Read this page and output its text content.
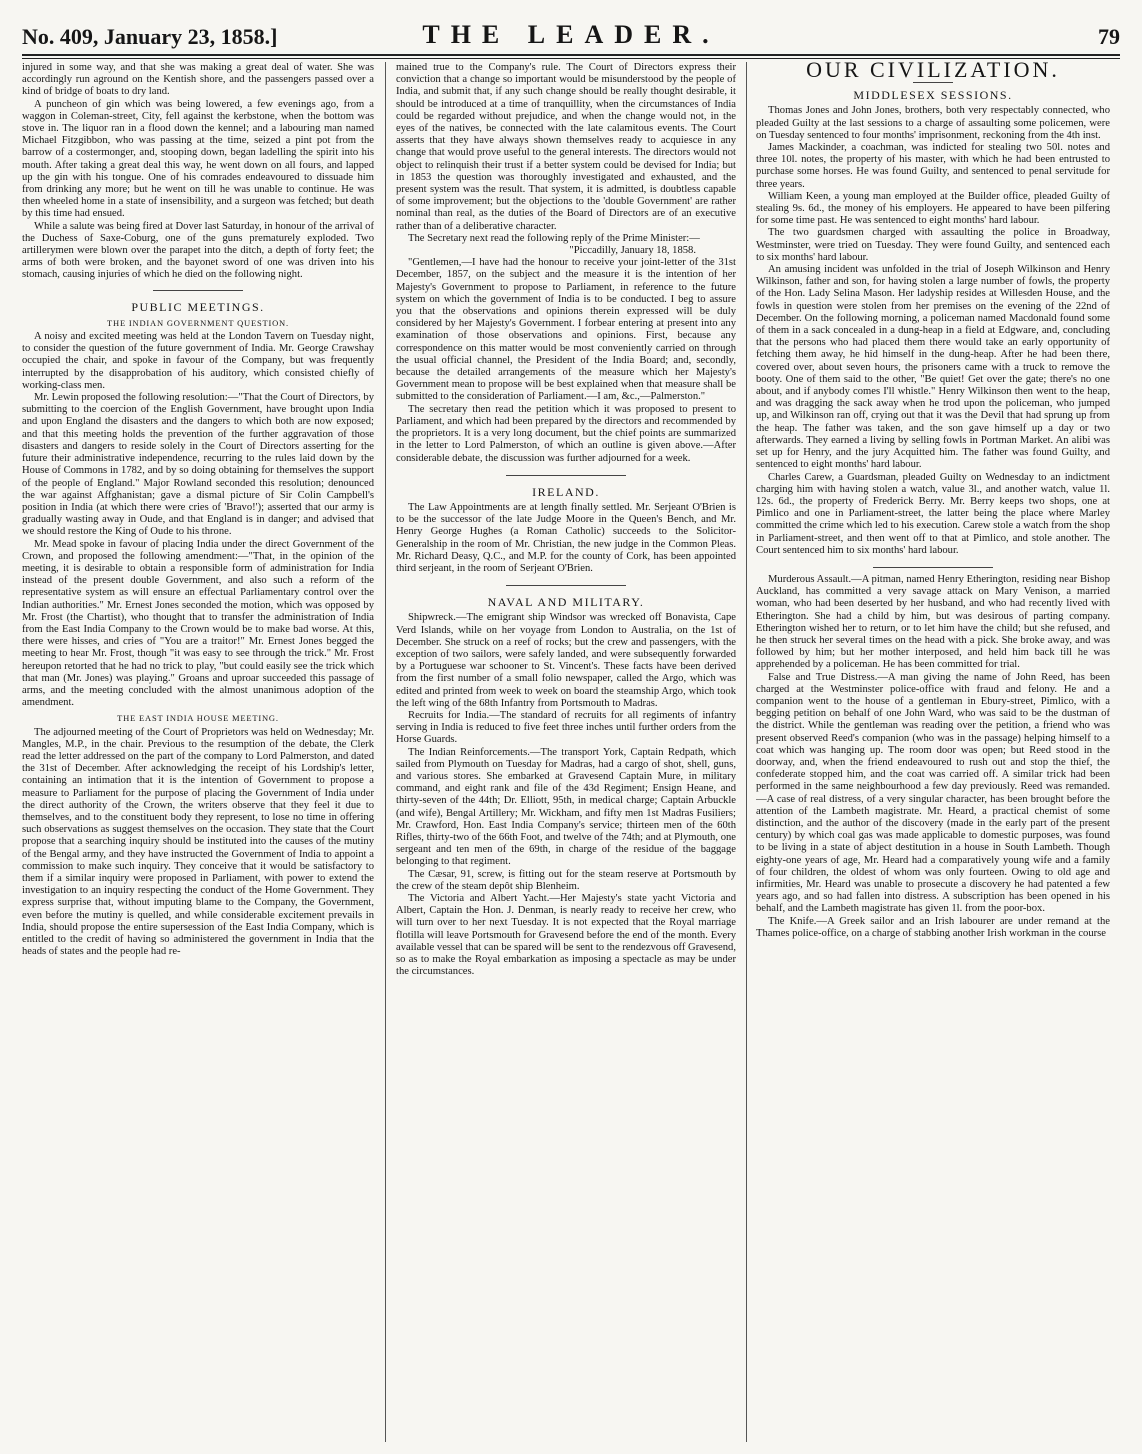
No. 409, January 23, 1858.]	THE LEADER.	79

injured in some way, and that she was making a great deal of water. She was accordingly run aground on the Kentish shore, and the passengers passed over a kind of bridge of boats to dry land.

A puncheon of gin which was being lowered, a few evenings ago, from a waggon in Coleman-street, City, fell against the kerbstone, when the bottom was stove in. The liquor ran in a flood down the kennel; and a labouring man named Michael Fitzgibbon, who was passing at the time, seized a pint pot from the barrow of a costermonger, and, stooping down, began ladelling the spirit into his mouth. After taking a great deal this way, he went down on all fours, and lapped up the gin with his tongue. One of his comrades endeavoured to dissuade him from drinking any more; but he went on till he was unable to continue. He was then wheeled home in a state of insensibility, and a surgeon was fetched; but death by this time had ensued.

While a salute was being fired at Dover last Saturday, in honour of the arrival of the Duchess of Saxe-Coburg, one of the guns prematurely exploded. Two artillerymen were blown over the parapet into the ditch, a depth of forty feet; the arms of both were broken, and the bayonet sword of one was driven into his stomach, causing injuries of which he died on the following night.

PUBLIC MEETINGS.
THE INDIAN GOVERNMENT QUESTION.

A noisy and excited meeting was held at the London Tavern on Tuesday night, to consider the question of the future government of India. Mr. George Crawshay occupied the chair, and spoke in favour of the Company, but was frequently interrupted by the disapprobation of his auditory, which consisted chiefly of working-class men.

Mr. Lewin proposed the following resolution:—"That the Court of Directors, by submitting to the coercion of the English Government, have brought upon India and upon England the disasters and the dangers to which both are now exposed; and that this meeting holds the prevention of the further aggravation of those disasters and dangers to reside solely in the Court of Directors asserting for the future their administrative independence, recurring to the rules laid down by the House of Commons in 1782, and by so doing obtaining for themselves the support of the people of England." Major Rowland seconded this resolution; denounced the war against Affghanistan; gave a dismal picture of Sir Colin Campbell's position in India (at which there were cries of 'Bravo!'); asserted that our army is gradually wasting away in Oude, and that England is in danger; and advised that we should restore the King of Oude to his throne.

Mr. Mead spoke in favour of placing India under the direct Government of the Crown, and proposed the following amendment:—"That, in the opinion of the meeting, it is desirable to obtain a responsible form of administration for India instead of the present double Government, and also such a reform of the representative system as will ensure an effectual Parliamentary control over the Indian authorities." Mr. Ernest Jones seconded the motion, which was opposed by Mr. Frost (the Chartist), who thought that to transfer the administration of India from the East India Company to the Crown would be to make bad worse. At this, there were hisses, and cries of "You are a traitor!" Mr. Ernest Jones begged the meeting to hear Mr. Frost, though "it was easy to see through the trick." Mr. Frost hereupon retorted that he had no trick to play, "but could easily see the trick which that man (Mr. Jones) was playing." Groans and uproar succeeded this passage of arms, and the meeting concluded with the almost unanimous adoption of the amendment.

THE EAST INDIA HOUSE MEETING.

The adjourned meeting of the Court of Proprietors was held on Wednesday; Mr. Mangles, M.P., in the chair. Previous to the resumption of the debate, the Clerk read the letter addressed on the part of the company to Lord Palmerston, and dated the 31st of December. After acknowledging the receipt of his Lordship's letter, containing an intimation that it is the intention of Government to propose a measure to Parliament for the purpose of placing the Government of India under the direct authority of the Crown, the writers observe that they feel it due to themselves, and to the constituent body they represent, to lose no time in offering such observations as suggest themselves on the occasion. They state that the Court propose that a searching inquiry should be instituted into the causes of the mutiny of the Bengal army, and they have instructed the Government of India to appoint a commission to make such inquiry. They conceive that it would be satisfactory to them if a similar inquiry were proposed in Parliament, with power to extend the investigation to an inquiry respecting the conduct of the Home Government. They express surprise that, without imputing blame to the Company, the Government, even before the mutiny is quelled, and while considerable excitement prevails in India, should propose the entire supersession of the East India Company, which is entitled to the credit of having so administered the government in India that the heads of states and the people had re-

mained true to the Company's rule. The Court of Directors express their conviction that a change so important would be misunderstood by the people of India, and submit that, if any such change should be really thought desirable, it should be introduced at a time of tranquillity, when the circumstances of India could be regarded without prejudice, and when the change would not, in the eyes of the natives, be connected with the late calamitous events. The Court asserts that they have always shown themselves ready to acquiesce in any change that would prove useful to the general interests. The directors would not object to relinquish their trust if a better system could be devised for India; but in 1853 the question was thoroughly investigated and exhausted, and the present system was the result. That system, it is admitted, is doubtless capable of some improvement; but the objections to the 'double Government' are rather nominal than real, as the duties of the Board of Directors are of an executive rather than of a deliberative character.

The Secretary next read the following reply of the Prime Minister:—

"Piccadilly, January 18, 1858.

"Gentlemen,—I have had the honour to receive your joint-letter of the 31st December, 1857, on the subject and the measure it is the intention of her Majesty's Government to propose to Parliament, in reference to the future system on which the government of India is to be conducted. I beg to assure you that the observations and opinions therein expressed will be duly considered by her Majesty's Government. I forbear entering at present into any examination of those observations and opinions. First, because any correspondence on this matter would be most conveniently carried on through the usual official channel, the President of the India Board; and, secondly, because the detailed arrangements of the measure which her Majesty's Government mean to propose will be best explained when that measure shall be submitted to the consideration of Parliament.—I am, &c.,—Palmerston."

The secretary then read the petition which it was proposed to present to Parliament, and which had been prepared by the directors and recommended by the proprietors. It is a very long document, but the chief points are summarized in the letter to Lord Palmerston, of which an outline is given above.—After considerable debate, the discussion was further adjourned for a week.

IRELAND.

The Law Appointments are at length finally settled. Mr. Serjeant O'Brien is to be the successor of the late Judge Moore in the Queen's Bench, and Mr. Henry George Hughes (a Roman Catholic) succeeds to the Solicitor-Generalship in the room of Mr. Christian, the new judge in the Common Pleas. Mr. Richard Deasy, Q.C., and M.P. for the county of Cork, has been appointed third serjeant, in the room of Serjeant O'Brien.

NAVAL AND MILITARY.

Shipwreck.—The emigrant ship Windsor was wrecked off Bonavista, Cape Verd Islands, while on her voyage from London to Australia, on the 1st of December. She struck on a reef of rocks; but the crew and passengers, with the exception of two sailors, were safely landed, and were subsequently forwarded by a Portuguese war schooner to St. Vincent's. These facts have been derived from the first number of a small folio newspaper, called the Argo, which was edited and printed from week to week on board the steamship Argo, which took the left wing of the 68th Infantry from Portsmouth to Madras.

Recruits for India.—The standard of recruits for all regiments of infantry serving in India is reduced to five feet three inches until further orders from the Horse Guards.

The Indian Reinforcements.—The transport York, Captain Redpath, which sailed from Plymouth on Tuesday for Madras, had a cargo of shot, shell, guns, and various stores. She embarked at Gravesend Captain Mure, in military command, and eight rank and file of the 43d Regiment; Ensign Heane, and thirty-seven of the 44th; Dr. Elliott, 95th, in medical charge; Captain Arbuckle (and wife), Bengal Artillery; Mr. Wickham, and fifty men 1st Madras Fusiliers; Mr. Crawford, Hon. East India Company's service; thirteen men of the 60th Rifles, thirty-two of the 66th Foot, and twelve of the 74th; and at Plymouth, one sergeant and ten men of the 69th, in charge of the residue of the baggage belonging to that regiment.

The Cæsar, 91, screw, is fitting out for the steam reserve at Portsmouth by the crew of the steam depôt ship Blenheim.

The Victoria and Albert Yacht.—Her Majesty's state yacht Victoria and Albert, Captain the Hon. J. Denman, is nearly ready to receive her crew, who will turn over to her next Tuesday. It is not expected that the Royal marriage flotilla will leave Portsmouth for Gravesend before the end of the month. Every available vessel that can be spared will be sent to the rendezvous off Gravesend, so as to make the Royal embarkation as imposing a spectacle as may be under the circumstances.

OUR CIVILIZATION.
MIDDLESEX SESSIONS.

Thomas Jones and John Jones, brothers, both very respectably connected, who pleaded Guilty at the last sessions to a charge of assaulting some policemen, were on Tuesday sentenced to four months' imprisonment, reckoning from the 4th inst.

James Mackinder, a coachman, was indicted for stealing two 50l. notes and three 10l. notes, the property of his master, with which he had been entrusted to purchase some horses. He was found Guilty, and sentenced to penal servitude for three years.

William Keen, a young man employed at the Builder office, pleaded Guilty of stealing 9s. 6d., the money of his employers. He appeared to have been pilfering for some time past. He was sentenced to eight months' hard labour.

The two guardsmen charged with assaulting the police in Broadway, Westminster, were tried on Tuesday. They were found Guilty, and sentenced each to six months' hard labour.

An amusing incident was unfolded in the trial of Joseph Wilkinson and Henry Wilkinson, father and son, for having stolen a large number of fowls, the property of the Hon. Lady Selina Mason. Her ladyship resides at Willesden House, and the fowls in question were stolen from her premises on the evening of the 22nd of December. On the following morning, a policeman named Macdonald found some of them in a sack concealed in a dung-heap in a field at Edgware, and, concluding that the persons who had placed them there would take an early opportunity of fetching them away, he hid himself in the dung-heap. After he had been there, covered over, about seven hours, the prisoners came with a truck to remove the booty. One of them said to the other, "Be quiet! Get over the gate; there's no one about, and if anybody comes I'll whistle." Henry Wilkinson then went to the heap, and was dragging the sack away when he trod upon the policeman, who jumped up, and Wilkinson ran off, crying out that it was the Devil that had sprung up from the heap. The father was taken, and the son gave himself up a day or two afterwards. They earned a living by selling fowls in Portman Market. An alibi was set up for Henry, and the jury Acquitted him. The father was found Guilty, and sentenced to eight months' hard labour.

Charles Carew, a Guardsman, pleaded Guilty on Wednesday to an indictment charging him with having stolen a watch, value 3l., and another watch, value 1l. 12s. 6d., the property of Frederick Berry. Mr. Berry keeps two shops, one at Pimlico and one in Parliament-street, the latter being the place where Marley committed the crime which led to his execution. Carew stole a watch from the shop in Parliament-street, and then went off to that at Pimlico, and stole another. The Court sentenced him to six months' hard labour.

Murderous Assault.—A pitman, named Henry Etherington, residing near Bishop Auckland, has committed a very savage attack on Mary Venison, a married woman, who had been deserted by her husband, and who had recently lived with Etherington. She had a child by him, but was desirous of parting company. Etherington wished her to return, or to let him have the child; but she refused, and he then struck her several times on the head with a pick. She broke away, and was followed by him; but her mother interposed, and held him back till he was apprehended by a policeman. He has been committed for trial.

False and True Distress.—A man giving the name of John Reed, has been charged at the Westminster police-office with fraud and felony. He and a companion went to the house of a gentleman in Ebury-street, Pimlico, with a begging petition on behalf of one John Ward, who was said to be the dustman of the district. While the gentleman was reading over the petition, a friend who was present observed Reed's companion (who was in the passage) helping himself to a coat which was hanging up. The room door was open; but Reed stood in the doorway, and, when the friend endeavoured to rush out and stop the thief, the confederate stopped him, and the coat was carried off. A similar trick had been performed in the same neighbourhood a few day previously. Reed was remanded.—A case of real distress, of a very singular character, has been brought before the attention of the Lambeth magistrate. Mr. Heard, a practical chemist of some distinction, and the author of the discovery (made in the early part of the present century) by which coal gas was made applicable to domestic purposes, was found to be living in a state of abject destitution in a house in South Lambeth. Though eighty-one years of age, Mr. Heard had a comparatively young wife and a family of four children, the oldest of whom was only fourteen. Owing to old age and infirmities, Mr. Heard was unable to prosecute a discovery he had patented a few years ago, and so had fallen into distress. A subscription has been opened in his behalf, and the Lambeth magistrate has given 1l. from the poor-box.

The Knife.—A Greek sailor and an Irish labourer are under remand at the Thames police-office, on a charge of stabbing another Irish workman in the course
